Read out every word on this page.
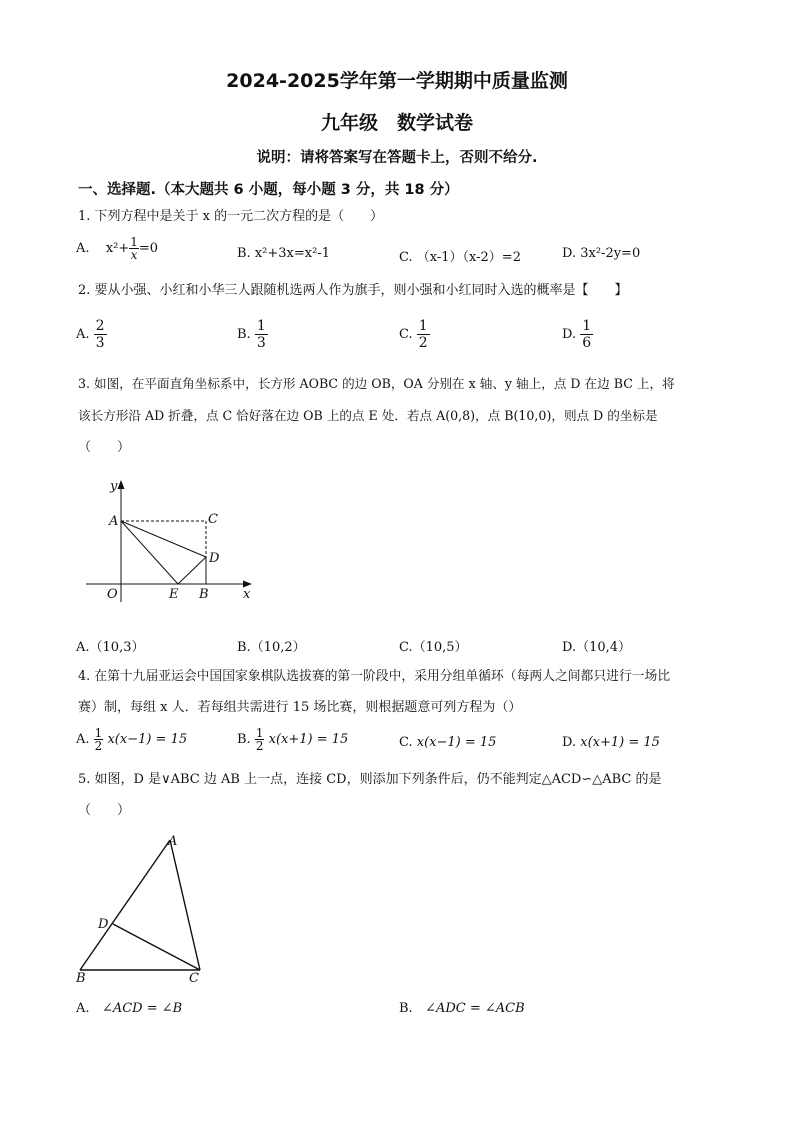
2024-2025学年第一学期期中质量监测
九年级　数学试卷
说明：请将答案写在答题卡上，否则不给分.
一、选择题.（本大题共 6 小题，每小题 3 分，共 18 分）
1. 下列方程中是关于 x 的一元二次方程的是（　　）
A. $x^2+ \frac{1}{x} =0$	B. x²+3x=x²-1	C. （x-1）（x-2）=2	D. 3x²-2y=0
2. 要从小强、小红和小华三人跟随机选两人作为旗手，则小强和小红同时入选的概率是【　　】
A. $\frac{2}{3}$	B. $\frac{1}{3}$	C. $\frac{1}{2}$	D. $\frac{1}{6}$
3. 如图，在平面直角坐标系中，长方形 AOBC 的边 OB，OA 分别在 x 轴、y 轴上，点 D 在边 BC 上，将
该长方形沿 AD 折叠，点 C 恰好落在边 OB 上的点 E 处．若点 A(0,8)，点 B(10,0)，则点 D 的坐标是
（　　）
y
x
A	C
D
O	E B
A.（10,3）	B.（10,2）	C.（10,5）	D.（10,4）
4. 在第十九届亚运会中国国家象棋队选拔赛的第一阶段中，采用分组单循环（每两人之间都只进行一场比
赛）制，每组 x 人．若每组共需进行 15 场比赛，则根据题意可列方程为（）
A. $\frac{1}{2} x(x-1) = 15$	B. $\frac{1}{2} x(x+1) = 15$	C. x(x−1) = 15	D. x(x+1) = 15
5. 如图，D 是∨ABC 边 AB 上一点，连接 CD，则添加下列条件后，仍不能判定△ACD∽△ABC 的是
（　　）
A
D
B	C
A. ∠ACD = ∠B	B. ∠ADC = ∠ACB
